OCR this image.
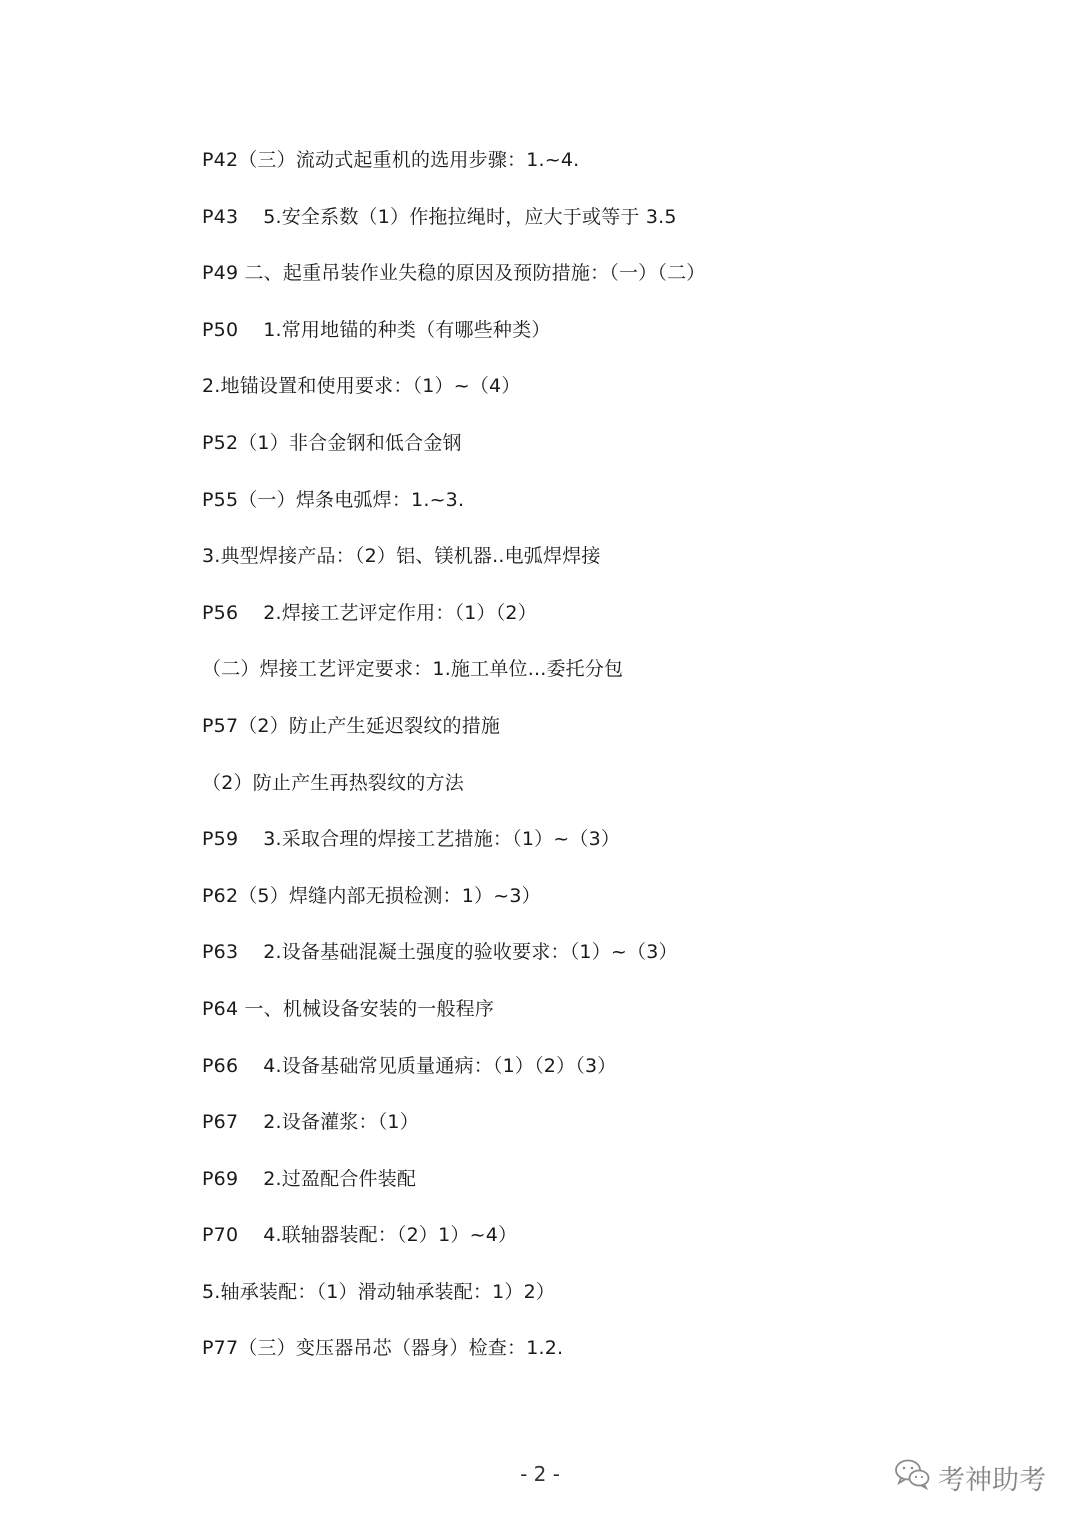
P42（三）流动式起重机的选用步骤：1.~4.
P43    5.安全系数（1）作拖拉绳时，应大于或等于 3.5
P49 二、起重吊装作业失稳的原因及预防措施：（一）（二）
P50    1.常用地锚的种类（有哪些种类）
2.地锚设置和使用要求：（1）~（4）
P52（1）非合金钢和低合金钢
P55（一）焊条电弧焊：1.~3.
3.典型焊接产品：（2）铝、镁机器..电弧焊焊接
P56    2.焊接工艺评定作用：（1）（2）
（二）焊接工艺评定要求：1.施工单位...委托分包
P57（2）防止产生延迟裂纹的措施
（2）防止产生再热裂纹的方法
P59    3.采取合理的焊接工艺措施：（1）~（3）
P62（5）焊缝内部无损检测：1）~3）
P63    2.设备基础混凝土强度的验收要求：（1）~（3）
P64 一、机械设备安装的一般程序
P66    4.设备基础常见质量通病：（1）（2）（3）
P67    2.设备灌浆：（1）
P69    2.过盈配合件装配
P70    4.联轴器装配：（2）1）~4）
5.轴承装配：（1）滑动轴承装配：1）2）
P77（三）变压器吊芯（器身）检查：1.2.
- 2 -	考神助考
